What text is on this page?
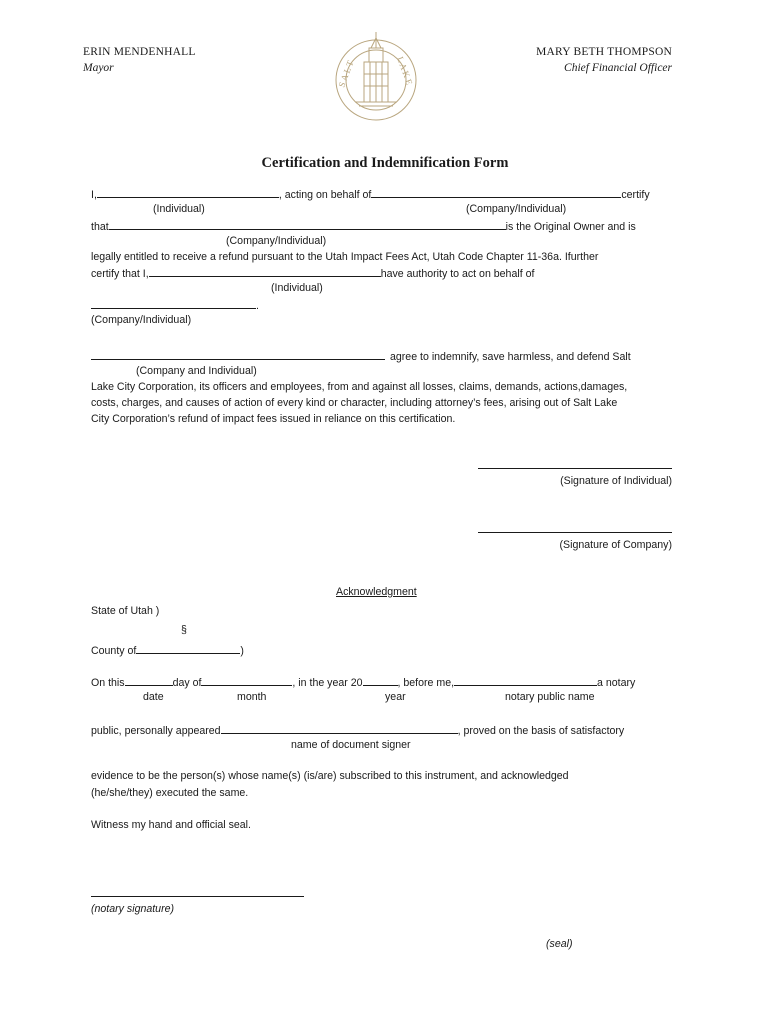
ERIN MENDENHALL
Mayor
MARY BETH THOMPSON
Chief Financial Officer
S A L T	L A K E
Certification and Indemnification Form
I,	, acting on behalf of	certify
(Individual)	(Company/Individual)
that	is the Original Owner and is
(Company/Individual)
legally entitled to receive a refund pursuant to the Utah Impact Fees Act, Utah Code Chapter 11-36a. Ifurther
certify that I,	have authority to act on behalf of
(Individual)
.
(Company/Individual)
agree to indemnify, save harmless, and defend Salt
(Company and Individual)
Lake City Corporation, its officers and employees, from and against all losses, claims, demands, actions,damages,
costs, charges, and causes of action of every kind or character, including attorney’s fees, arising out of Salt Lake
City Corporation’s refund of impact fees issued in reliance on this certification.
(Signature of Individual)
(Signature of Company)
Acknowledgment
State of Utah )
§
County of	)
On this	day of	, in the year 20	, before me,	a notary
date	month	year	notary public name
public, personally appeared	, proved on the basis of satisfactory
name of document signer
evidence to be the person(s) whose name(s) (is/are) subscribed to this instrument, and acknowledged
(he/she/they) executed the same.
Witness my hand and official seal.
(notary signature)
(seal)
